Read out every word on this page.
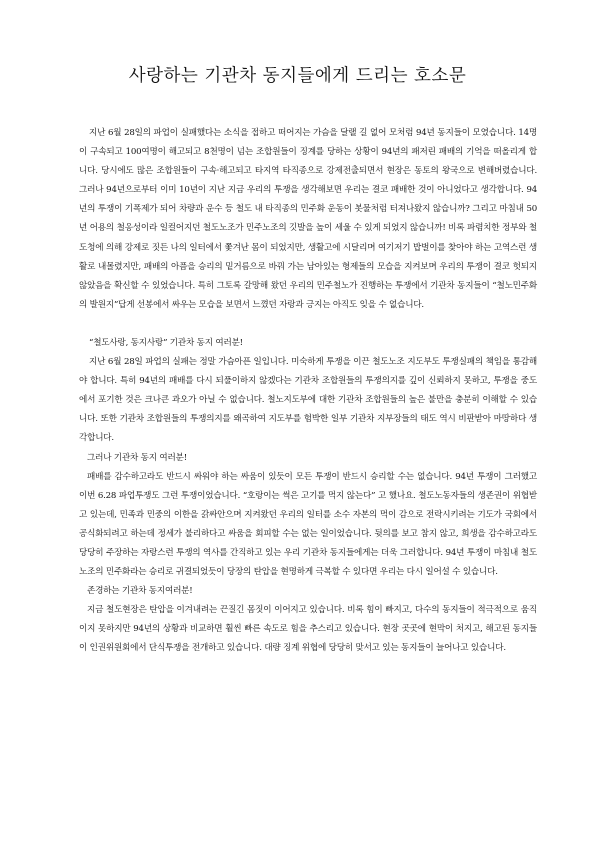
사랑하는 기관차 동지들에게 드리는 호소문

지난 6월 28일의 파업이 실패했다는 소식을 접하고 떠어지는 가슴을 달랠 길 없어 모처럼 94년 동지들이 모였습니다. 14명이 구속되고 100여명이 해고되고 8천명이 넘는 조합원들이 징계를 당하는 상황이 94년의 패저린 패배의 기억을 떠올리게 합니다. 당시에도 많은 조합원들이 구속·해고되고 타지역 타직종으로 강제전출되면서 현장은 동토의 왕국으로 변해버렸습니다. 그러나 94년으로부터 이미 10년이 지난 지금 우리의 투쟁을 생각해보면 우리는 결코 패배한 것이 아니었다고 생각합니다. 94년의 투쟁이 기폭제가 되어 차량과 운수 등 철도 내 타직종의 민주화 운동이 봇물처럼 터져나왔지 않습니까? 그리고 마침내 50년 어용의 철옹성이라 일컬어지던 철도노조가 민주노조의 깃발을 높이 세울 수 있게 되었지 않습니까! 비록 파렴치한 정부와 철도청에 의해 강제로 짓든 나의 일터에서 쫓겨난 몸이 되었지만, 생활고에 시달리며 여기저기 밥벌이를 찾아야 하는 고역스런 생활로 내몰렸지만, 패배의 아픔을 승리의 밑거름으로 바꿔 가는 남아있는 형제들의 모습을 지켜보며 우리의 투쟁이 결코 헛되지 않았음을 확신할 수 있었습니다. 특히 그토록 갈망해 왔던 우리의 민주철노가 진행하는 투쟁에서 기관차 동지들이 “철노민주화의 발원지”답게 선봉에서 싸우는 모습을 보면서 느꼈던 자랑과 긍지는 아직도 잊을 수 없습니다.

“철도사랑, 동지사랑” 기관차 동지 여러분!

지난 6월 28일 파업의 실패는 정말 가슴아픈 일입니다. 미숙하게 투쟁을 이끈 철도노조 지도부도 투쟁실패의 책임을 통감해야 합니다. 특히 94년의 패배를 다시 되풀이하지 않겠다는 기관차 조합원들의 투쟁의지를 깊이 신뢰하지 못하고, 투쟁을 중도에서 포기한 것은 크나큰 과오가 아닐 수 없습니다. 철노지도부에 대한 기관차 조합원들의 높은 불만을 충분히 이해할 수 있습니다. 또한 기관차 조합원들의 투쟁의지를 왜곡하여 지도부를 험박한 일부 기관차 지부장들의 태도 역시 비판받아 마땅하다 생각합니다.

그러나 기관차 동지 여러분!

패배를 감수하고라도 반드시 싸워야 하는 싸움이 있듯이 모든 투쟁이 반드시 승리할 수는 없습니다. 94년 투쟁이 그러했고 이번 6.28 파업투쟁도 그런 투쟁이었습니다. “호랑이는 썩은 고기를 먹지 않는다” 고 했나요. 철도노동자들의 생존권이 위협받고 있는데, 민족과 민중의 이한을 갉싸안으며 지켜왔던 우리의 일터를 소수 자본의 먹이 감으로 전락시키려는 기도가 국회에서 공식화되려고 하는데 정세가 불리하다고 싸움을 회피할 수는 없는 일이었습니다. 뒷의를 보고 참지 않고, 희생을 감수하고라도 당당히 주장하는 자랑스런 투쟁의 역사를 간직하고 있는 우리 기관차 동지들에게는 더욱 그러합니다. 94년 투쟁이 마침내 철도노조의 민주화라는 승리로 귀결되었듯이 당장의 탄압을 현명하게 극복할 수 있다면 우리는 다시 일어설 수 있습니다.

존경하는 기관차 동지여러분!

지금 철도현장은 탄압을 이겨내려는 끈질긴 몸짓이 이어지고 있습니다. 비록 힘이 빠지고, 다수의 동지들이 적극적으로 움직이지 못하지만 94년의 상황과 비교하면 훨씬 빠른 속도로 힘을 추스리고 있습니다. 현장 곳곳에 현막이 처지고, 해고된 동지들이 인권위원회에서 단식투쟁을 전개하고 있습니다. 대량 징계 위협에 당당히 맞서고 있는 동지들이 늘어나고 있습니다.
